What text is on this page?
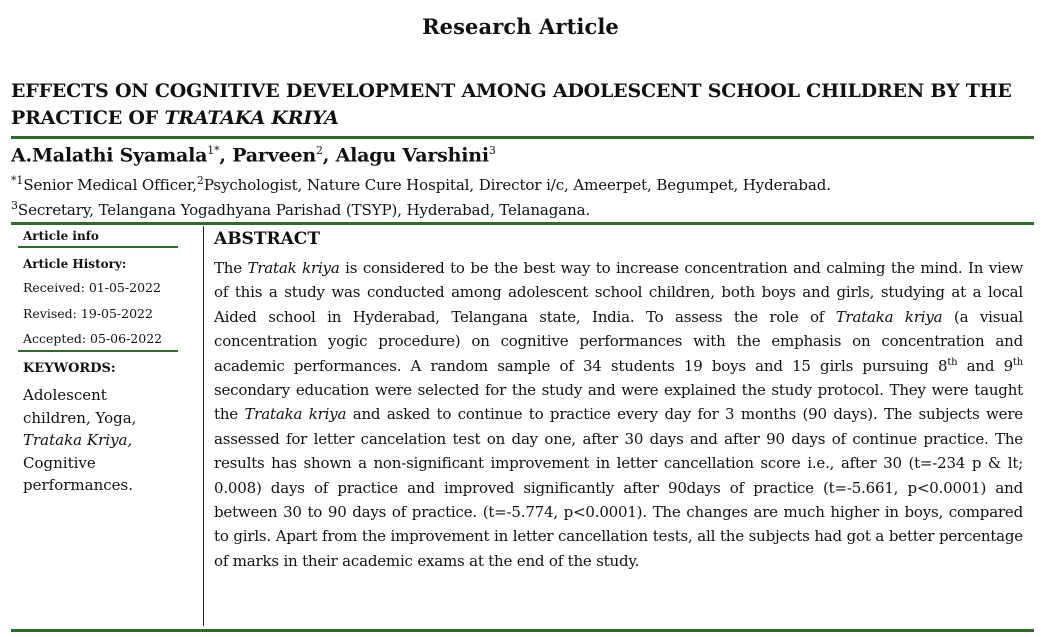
Research Article
EFFECTS ON COGNITIVE DEVELOPMENT AMONG ADOLESCENT SCHOOL CHILDREN BY THE PRACTICE OF TRATAKA KRIYA
A.Malathi Syamala$^{1*}$, Parveen$^2$, Alagu Varshini$^3$
$^{*1}$Senior Medical Officer,$^2$Psychologist, Nature Cure Hospital, Director i/c, Ameerpet, Begumpet, Hyderabad.
$^3$Secretary, Telangana Yogadhyana Parishad (TSYP), Hyderabad, Telanagana.
Article info
Article History:
Received: 01-05-2022
Revised: 19-05-2022
Accepted: 05-06-2022
KEYWORDS:
Adolescent children, Yoga, Trataka Kriya, Cognitive performances.
ABSTRACT
The Tratak kriya is considered to be the best way to increase concentration and calming the mind. In view of this a study was conducted among adolescent school children, both boys and girls, studying at a local Aided school in Hyderabad, Telangana state, India. To assess the role of Trataka kriya (a visual concentration yogic procedure) on cognitive performances with the emphasis on concentration and academic performances. A random sample of 34 students 19 boys and 15 girls pursuing 8th and 9th secondary education were selected for the study and were explained the study protocol. They were taught the Trataka kriya and asked to continue to practice every day for 3 months (90 days). The subjects were assessed for letter cancelation test on day one, after 30 days and after 90 days of continue practice. The results has shown a non-significant improvement in letter cancellation score i.e., after 30 (t=-234 p & lt; 0.008) days of practice and improved significantly after 90days of practice (t=-5.661, p<0.0001) and between 30 to 90 days of practice. (t=-5.774, p<0.0001). The changes are much higher in boys, compared to girls. Apart from the improvement in letter cancellation tests, all the subjects had got a better percentage of marks in their academic exams at the end of the study.
